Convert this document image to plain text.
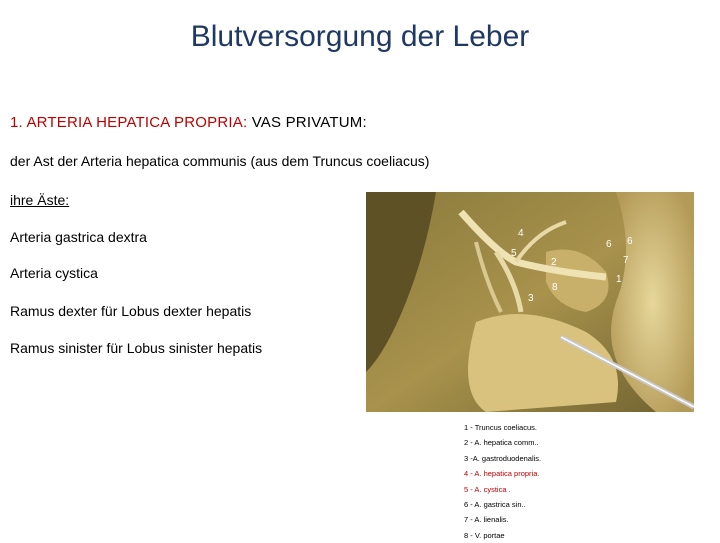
Blutversorgung der Leber
1. ARTERIA HEPATICA PROPRIA: VAS PRIVATUM:
der Ast der Arteria hepatica communis (aus dem Truncus coeliacus)
ihre Äste:
Arteria gastrica dextra
Arteria cystica
Ramus dexter für Lobus dexter hepatis
Ramus sinister für Lobus sinister hepatis
4
5
2
8
3
6 6
7
1
1 - Truncus coeliacus.
2 - A. hepatica comm..
3 -A. gastroduodenalis.
4 - A. hepatica propria.
5 - A. cystica .
6 - A. gastrica sin..
7 - A. lienalis.
8 - V. portae
